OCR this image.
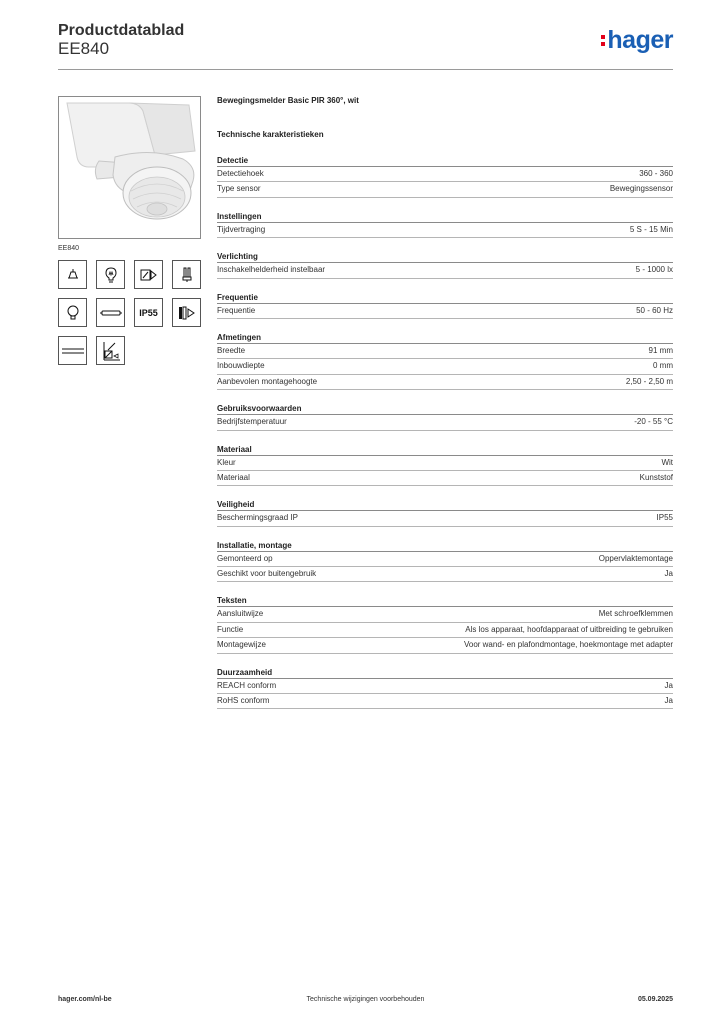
Productdatablad
EE840	hager
EE840
IP55
Bewegingsmelder Basic PIR 360°, wit
Technische karakteristieken
Detectie
Detectiehoek	360 - 360
Type sensor	Bewegingssensor
Instellingen
Tijdvertraging	5 S - 15 Min
Verlichting
Inschakelhelderheid instelbaar	5 - 1000 lx
Frequentie
Frequentie	50 - 60 Hz
Afmetingen
Breedte	91 mm
Inbouwdiepte	0 mm
Aanbevolen montagehoogte	2,50 - 2,50 m
Gebruiksvoorwaarden
Bedrijfstemperatuur	-20 - 55 °C
Materiaal
Kleur	Wit
Materiaal	Kunststof
Veiligheid
Beschermingsgraad IP	IP55
Installatie, montage
Gemonteerd op	Oppervlaktemontage
Geschikt voor buitengebruik	Ja
Teksten
Aansluitwijze	Met schroefklemmen
Functie	Als los apparaat, hoofdapparaat of uitbreiding te gebruiken
Montagewijze	Voor wand- en plafondmontage, hoekmontage met adapter
Duurzaamheid
REACH conform	Ja
RoHS conform	Ja
hager.com/nl-be	Technische wijzigingen voorbehouden	05.09.2025
